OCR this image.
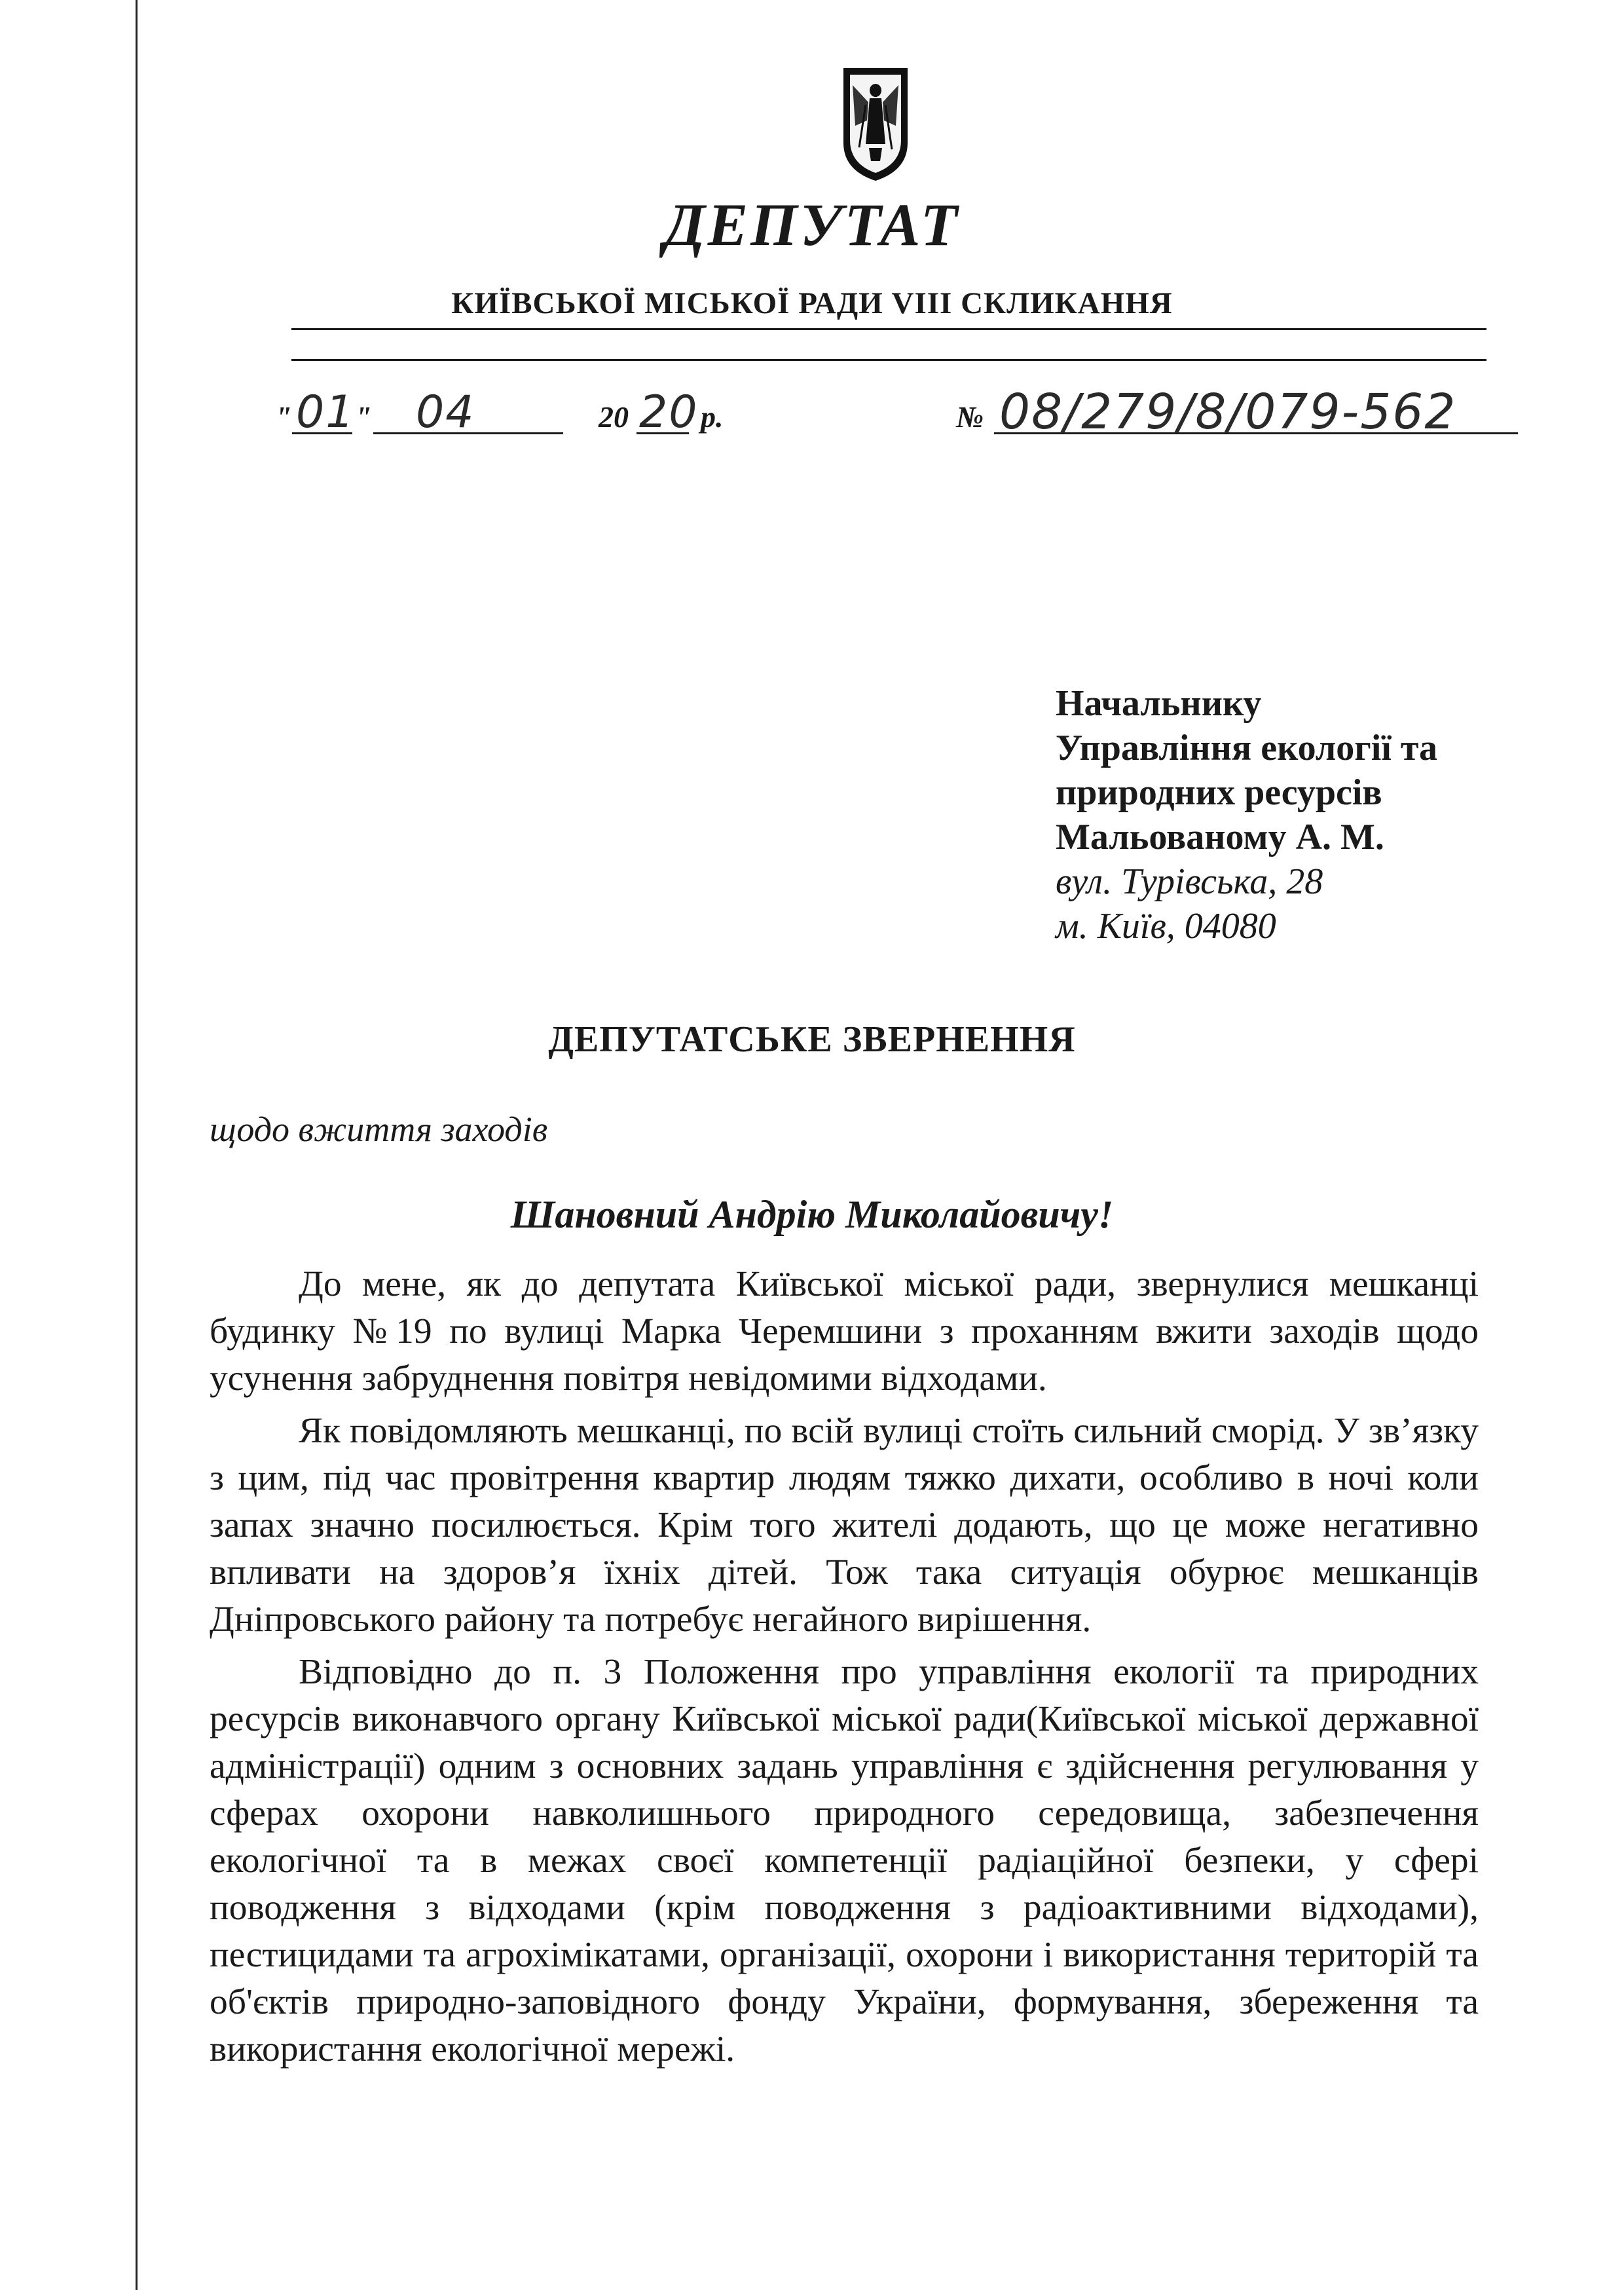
ДЕПУТАТ
КИЇВСЬКОЇ МІСЬКОЇ РАДИ VIII СКЛИКАННЯ
" 01 " 04	20 20 р.	№ 08/279/8/079-562
Начальнику
Управління екології та
природних ресурсів
Мальованому А. М.
вул. Турівська, 28
м. Київ, 04080
ДЕПУТАТСЬКЕ ЗВЕРНЕННЯ
щодо вжиття заходів
Шановний Андрію Миколайовичу!

До мене, як до депутата Київської міської ради, звернулися мешканці будинку №19 по вулиці Марка Черемшини з проханням вжити заходів щодо усунення забруднення повітря невідомими відходами.

Як повідомляють мешканці, по всій вулиці стоїть сильний сморід. У зв’язку з цим, під час провітрення квартир людям тяжко дихати, особливо в ночі коли запах значно посилюється. Крім того жителі додають, що це може негативно впливати на здоров’я їхніх дітей. Тож така ситуація обурює мешканців Дніпровського району та потребує негайного вирішення.

Відповідно до п. 3 Положення про управління екології та природних ресурсів виконавчого органу Київської міської ради(Київської міської державної адміністрації) одним з основних задань управління є здійснення регулювання у сферах охорони навколишнього природного середовища, забезпечення екологічної та в межах своєї компетенції радіаційної безпеки, у сфері поводження з відходами (крім поводження з радіоактивними відходами), пестицидами та агрохімікатами, організації, охорони і використання територій та об'єктів природно-заповідного фонду України, формування, збереження та використання екологічної мережі.
